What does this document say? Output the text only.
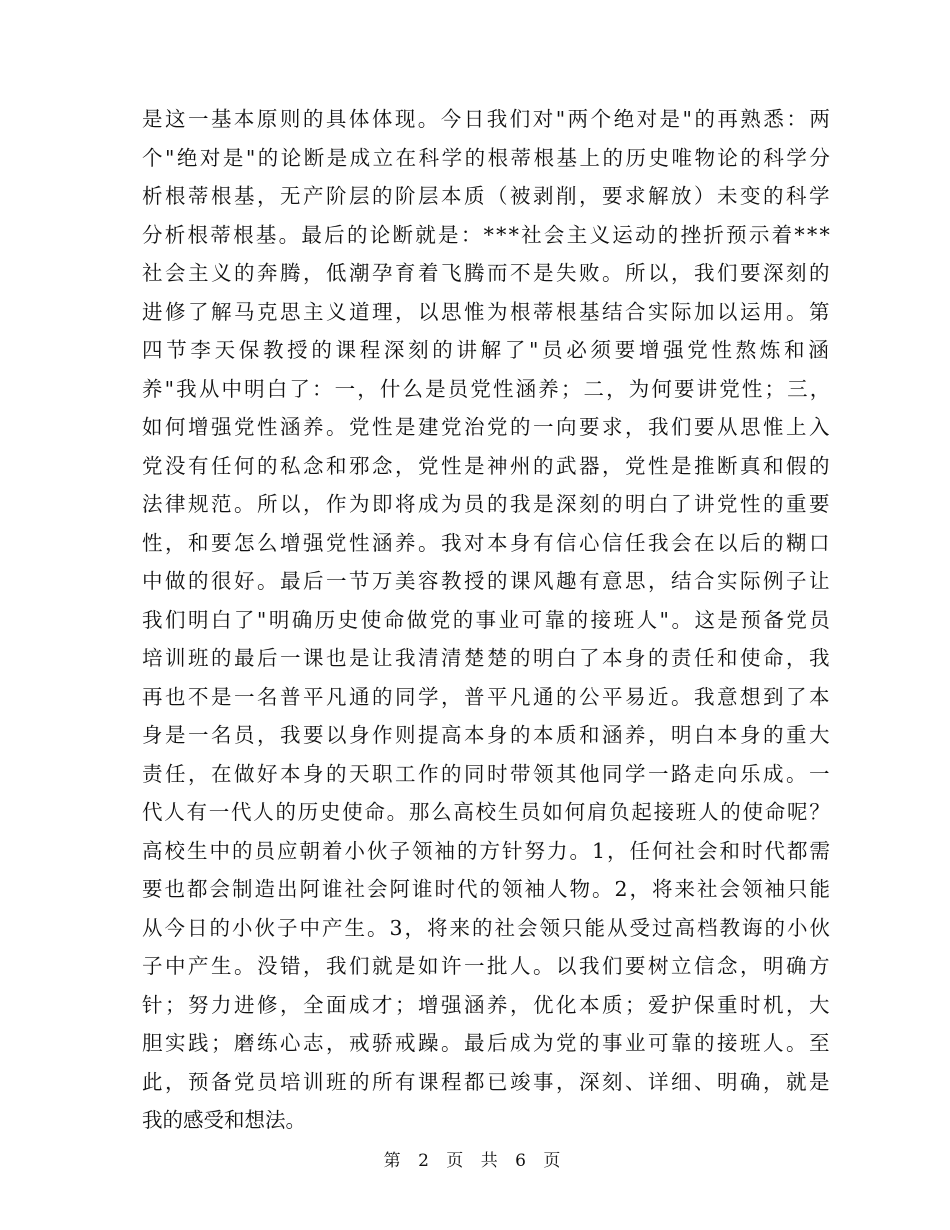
是这一基本原则的具体体现。今日我们对"两个绝对是"的再熟悉：两
个"绝对是"的论断是成立在科学的根蒂根基上的历史唯物论的科学分
析根蒂根基，无产阶层的阶层本质（被剥削，要求解放）未变的科学
分析根蒂根基。最后的论断就是：***社会主义运动的挫折预示着***
社会主义的奔腾，低潮孕育着飞腾而不是失败。所以，我们要深刻的
进修了解马克思主义道理，以思惟为根蒂根基结合实际加以运用。第
四节李天保教授的课程深刻的讲解了"员必须要增强党性熬炼和涵
养"我从中明白了：一，什么是员党性涵养；二，为何要讲党性；三，
如何增强党性涵养。党性是建党治党的一向要求，我们要从思惟上入
党没有任何的私念和邪念，党性是神州的武器，党性是推断真和假的
法律规范。所以，作为即将成为员的我是深刻的明白了讲党性的重要
性，和要怎么增强党性涵养。我对本身有信心信任我会在以后的糊口
中做的很好。最后一节万美容教授的课风趣有意思，结合实际例子让
我们明白了"明确历史使命做党的事业可靠的接班人"。这是预备党员
培训班的最后一课也是让我清清楚楚的明白了本身的责任和使命，我
再也不是一名普平凡通的同学，普平凡通的公平易近。我意想到了本
身是一名员，我要以身作则提高本身的本质和涵养，明白本身的重大
责任，在做好本身的天职工作的同时带领其他同学一路走向乐成。一
代人有一代人的历史使命。那么高校生员如何肩负起接班人的使命呢？
高校生中的员应朝着小伙子领袖的方针努力。1，任何社会和时代都需
要也都会制造出阿谁社会阿谁时代的领袖人物。2，将来社会领袖只能
从今日的小伙子中产生。3，将来的社会领只能从受过高档教诲的小伙
子中产生。没错，我们就是如许一批人。以我们要树立信念，明确方
针；努力进修，全面成才；增强涵养，优化本质；爱护保重时机，大
胆实践；磨练心志，戒骄戒躁。最后成为党的事业可靠的接班人。至
此，预备党员培训班的所有课程都已竣事，深刻、详细、明确，就是
我的感受和想法。
第 2 页 共 6 页
